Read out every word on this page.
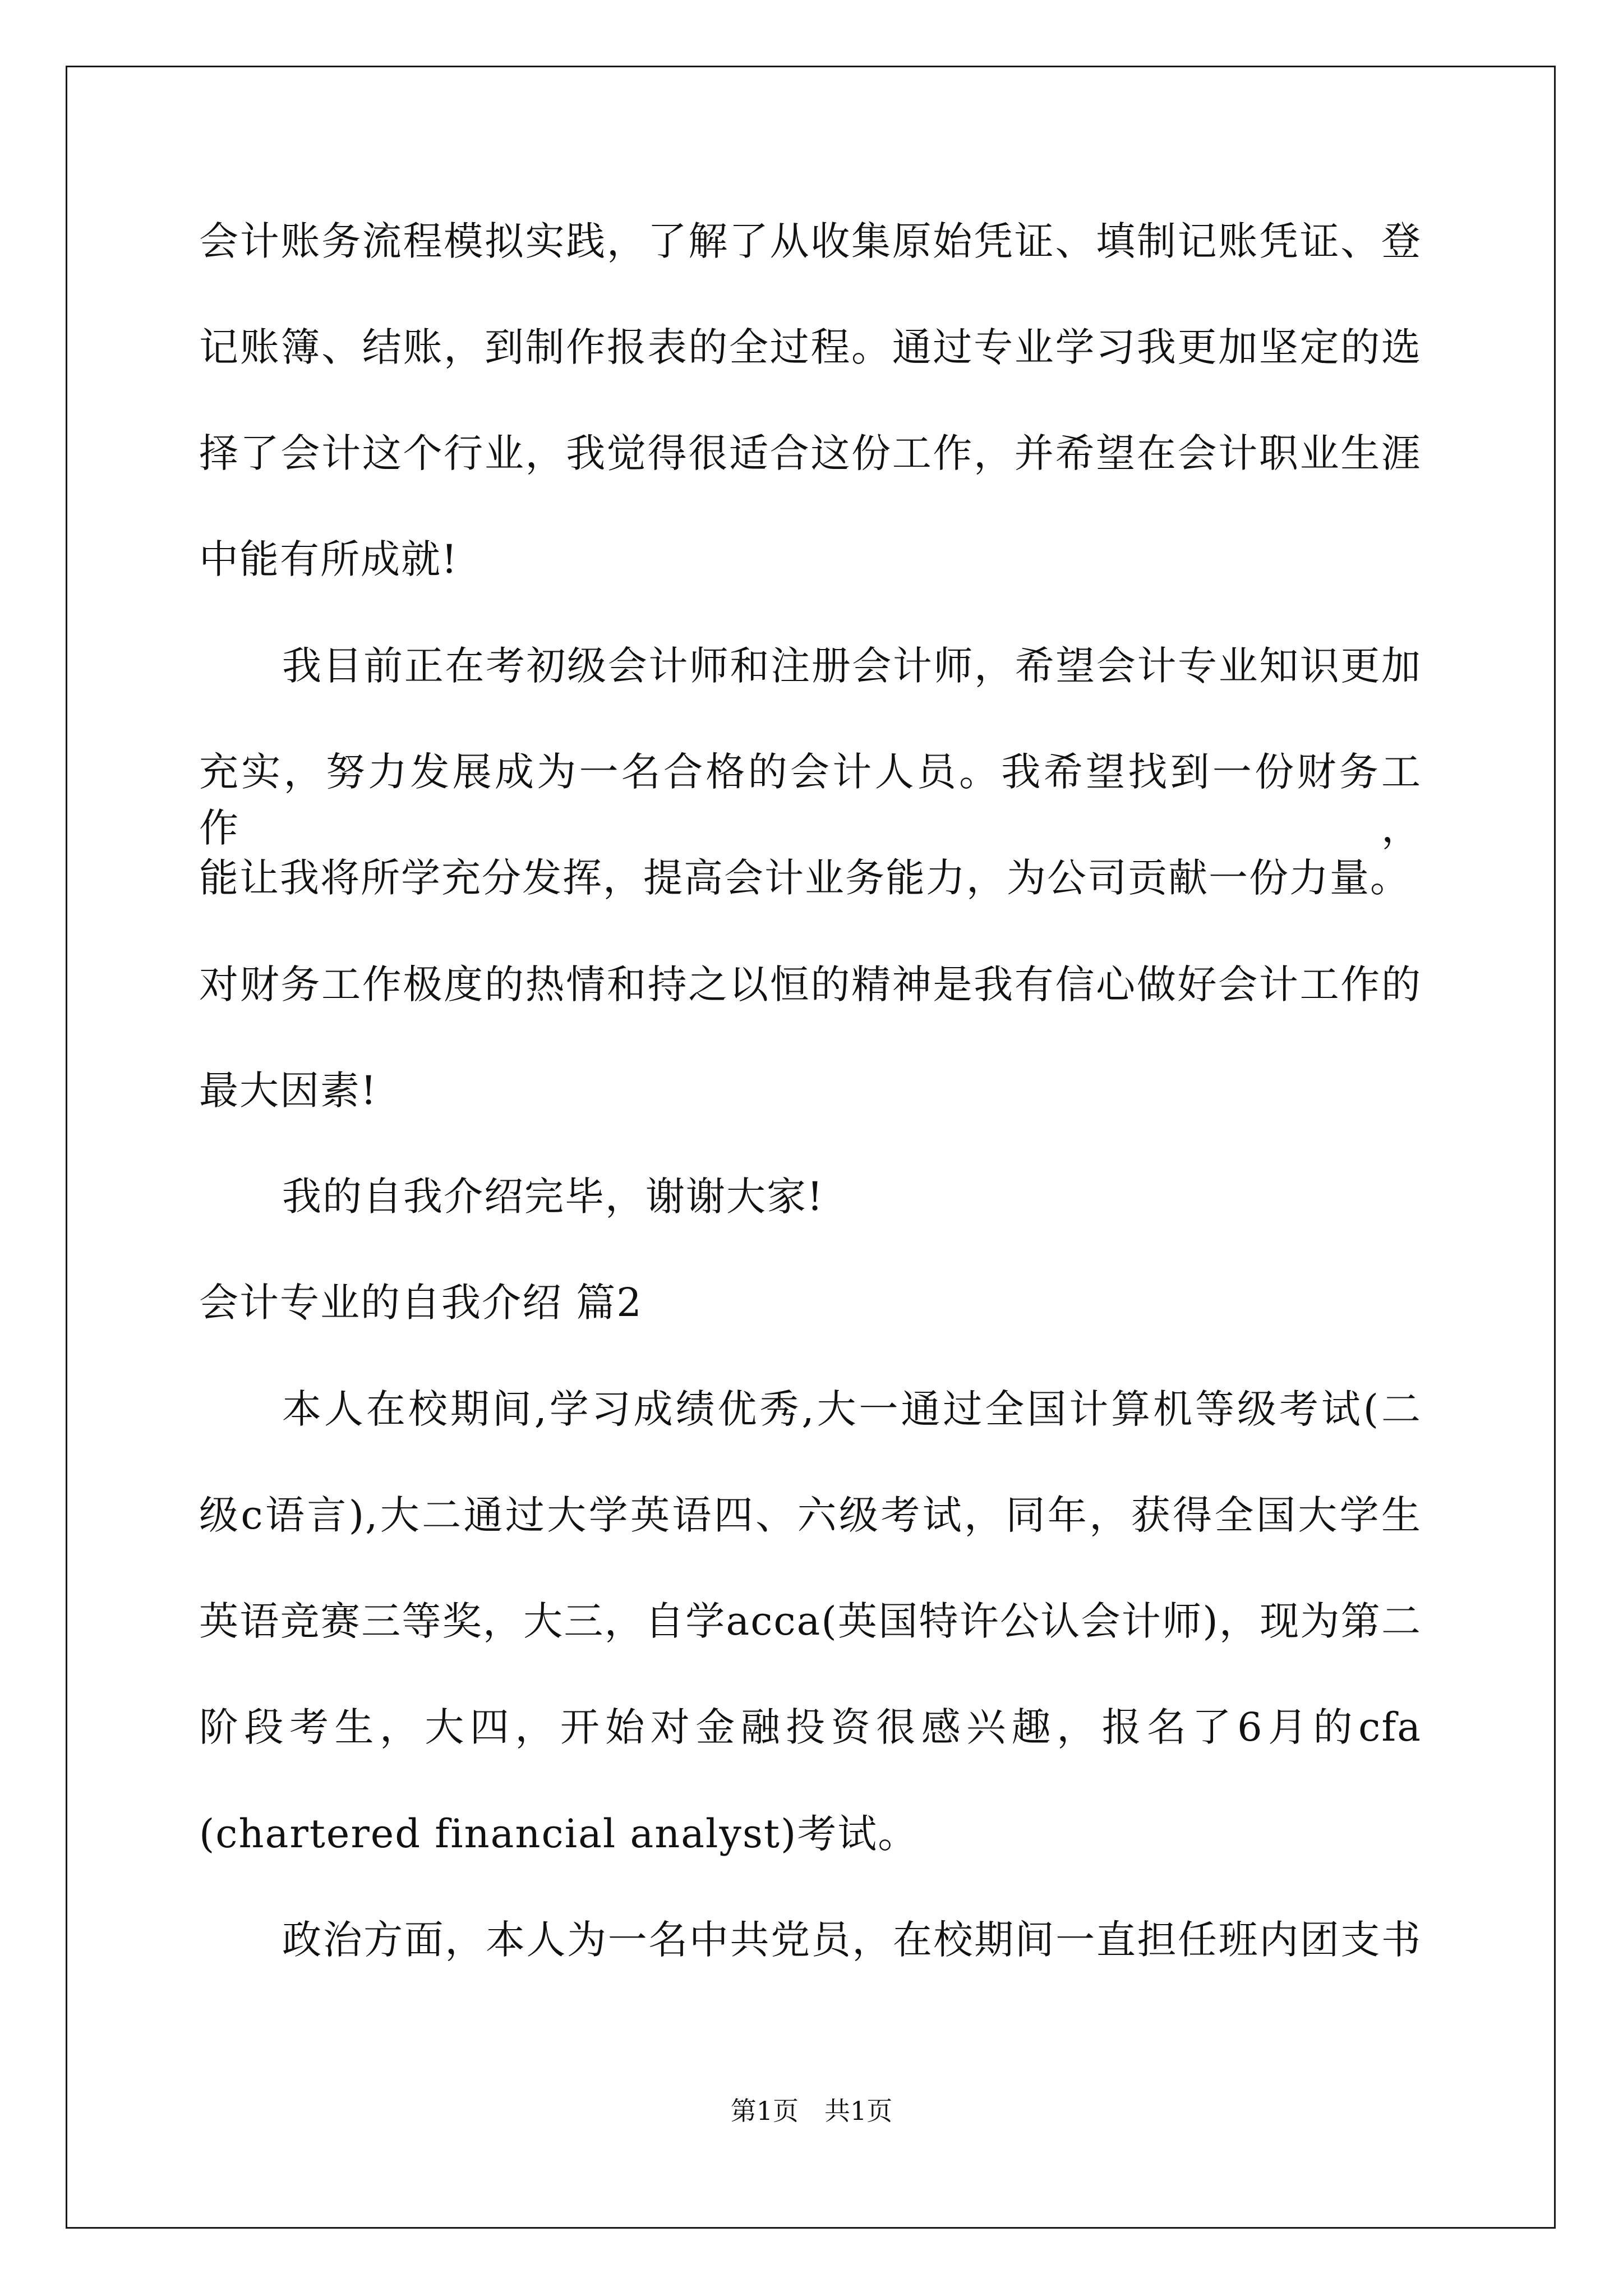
会计账务流程模拟实践，了解了从收集原始凭证、填制记账凭证、登
记账簿、结账，到制作报表的全过程。通过专业学习我更加坚定的选
择了会计这个行业，我觉得很适合这份工作，并希望在会计职业生涯
中能有所成就!
我目前正在考初级会计师和注册会计师，希望会计专业知识更加
充实，努力发展成为一名合格的会计人员。我希望找到一份财务工作，
能让我将所学充分发挥，提高会计业务能力，为公司贡献一份力量。
对财务工作极度的热情和持之以恒的精神是我有信心做好会计工作的
最大因素!
我的自我介绍完毕，谢谢大家!
会计专业的自我介绍 篇2
本人在校期间,学习成绩优秀,大一通过全国计算机等级考试(二
级c语言),大二通过大学英语四、六级考试，同年，获得全国大学生
英语竞赛三等奖，大三，自学acca(英国特许公认会计师)，现为第二
阶段考生，大四，开始对金融投资很感兴趣，报名了6月的cfa
(chartered financial analyst)考试。
政治方面，本人为一名中共党员，在校期间一直担任班内团支书
第1页　共1页
